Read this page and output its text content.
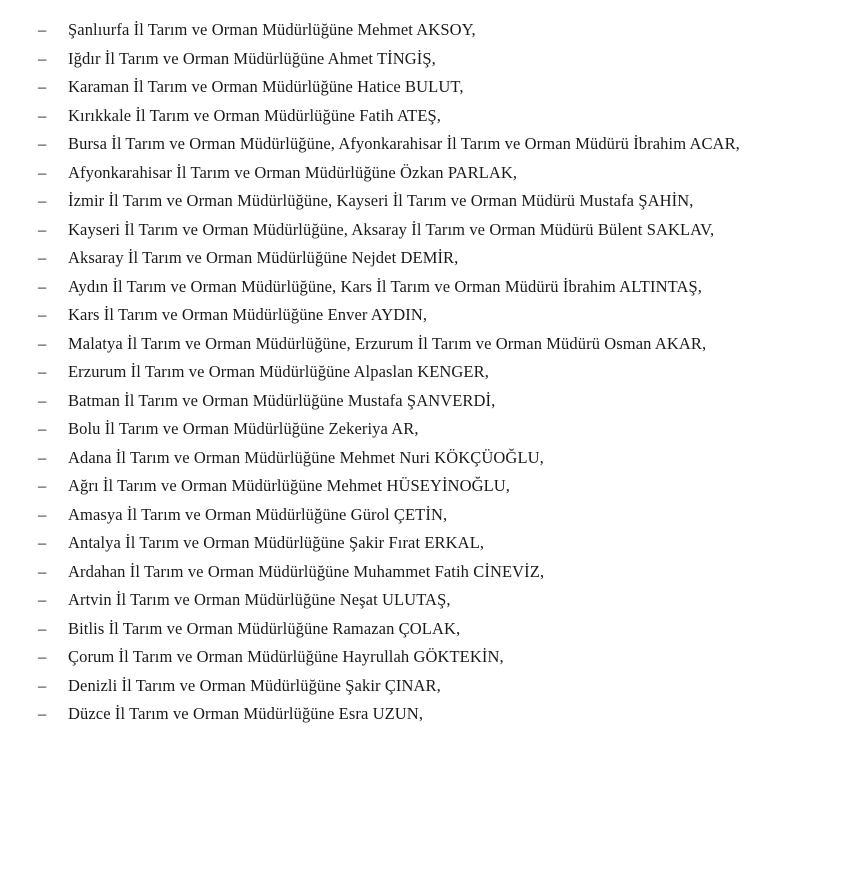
–	Şanlıurfa İl Tarım ve Orman Müdürlüğüne Mehmet AKSOY,
–	Iğdır İl Tarım ve Orman Müdürlüğüne Ahmet TİNGİŞ,
–	Karaman İl Tarım ve Orman Müdürlüğüne Hatice BULUT,
–	Kırıkkale İl Tarım ve Orman Müdürlüğüne Fatih ATEŞ,
–	Bursa İl Tarım ve Orman Müdürlüğüne, Afyonkarahisar İl Tarım ve Orman Müdürü İbrahim ACAR,
–	Afyonkarahisar İl Tarım ve Orman Müdürlüğüne Özkan PARLAK,
–	İzmir İl Tarım ve Orman Müdürlüğüne, Kayseri İl Tarım ve Orman Müdürü Mustafa ŞAHİN,
–	Kayseri İl Tarım ve Orman Müdürlüğüne, Aksaray İl Tarım ve Orman Müdürü Bülent SAKLAV,
–	Aksaray İl Tarım ve Orman Müdürlüğüne Nejdet DEMİR,
–	Aydın İl Tarım ve Orman Müdürlüğüne, Kars İl Tarım ve Orman Müdürü İbrahim ALTINTAŞ,
–	Kars İl Tarım ve Orman Müdürlüğüne Enver AYDIN,
–	Malatya İl Tarım ve Orman Müdürlüğüne, Erzurum İl Tarım ve Orman Müdürü Osman AKAR,
–	Erzurum İl Tarım ve Orman Müdürlüğüne Alpaslan KENGER,
–	Batman İl Tarım ve Orman Müdürlüğüne Mustafa ŞANVERDİ,
–	Bolu İl Tarım ve Orman Müdürlüğüne Zekeriya AR,
–	Adana İl Tarım ve Orman Müdürlüğüne Mehmet Nuri KÖKÇÜOĞLU,
–	Ağrı İl Tarım ve Orman Müdürlüğüne Mehmet HÜSEYİNOĞLU,
–	Amasya İl Tarım ve Orman Müdürlüğüne Gürol ÇETİN,
–	Antalya İl Tarım ve Orman Müdürlüğüne Şakir Fırat ERKAL,
–	Ardahan İl Tarım ve Orman Müdürlüğüne Muhammet Fatih CİNEVİZ,
–	Artvin İl Tarım ve Orman Müdürlüğüne Neşat ULUTAŞ,
–	Bitlis İl Tarım ve Orman Müdürlüğüne Ramazan ÇOLAK,
–	Çorum İl Tarım ve Orman Müdürlüğüne Hayrullah GÖKTEKİN,
–	Denizli İl Tarım ve Orman Müdürlüğüne Şakir ÇINAR,
–	Düzce İl Tarım ve Orman Müdürlüğüne Esra UZUN,
